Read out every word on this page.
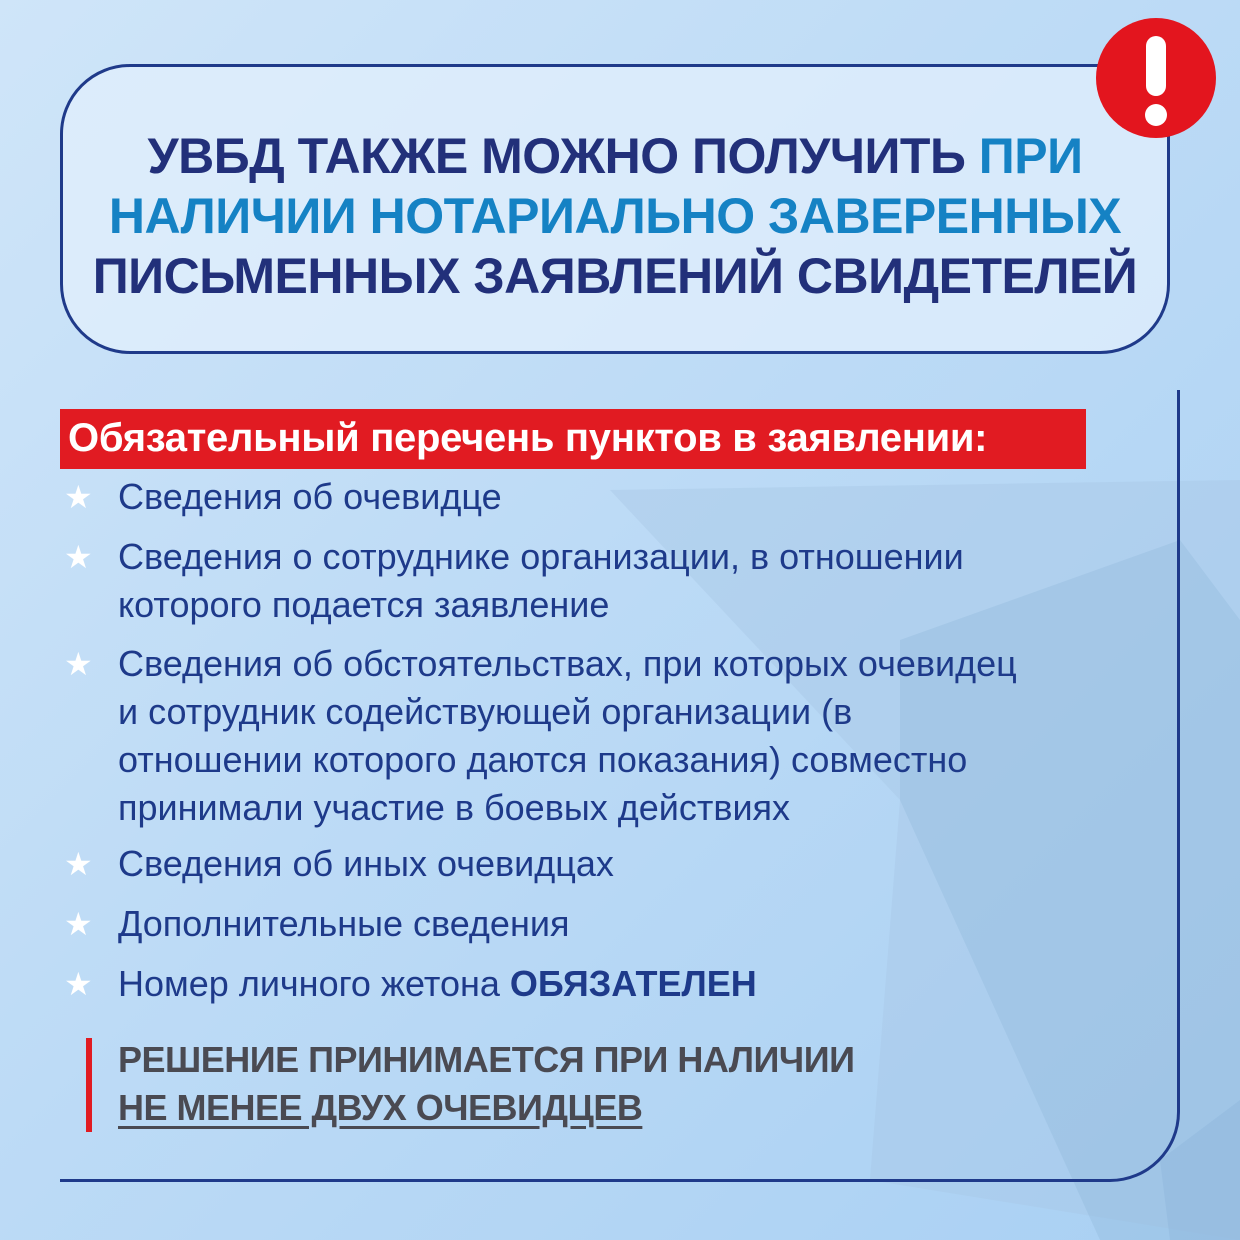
УВБД ТАКЖЕ МОЖНО ПОЛУЧИТЬ ПРИ
НАЛИЧИИ НОТАРИАЛЬНО ЗАВЕРЕННЫХ
ПИСЬМЕННЫХ ЗАЯВЛЕНИЙ СВИДЕТЕЛЕЙ
Обязательный перечень пунктов в заявлении:
★ Сведения об очевидце
★ Сведения о сотруднике организации, в отношении
которого подается заявление
★ Сведения об обстоятельствах, при которых очевидец
и сотрудник содействующей организации (в
отношении которого даются показания) совместно
принимали участие в боевых действиях
★ Сведения об иных очевидцах
★ Дополнительные сведения
★ Номер личного жетона ОБЯЗАТЕЛЕН
РЕШЕНИЕ ПРИНИМАЕТСЯ ПРИ НАЛИЧИИ
НЕ МЕНЕЕ ДВУХ ОЧЕВИДЦЕВ
